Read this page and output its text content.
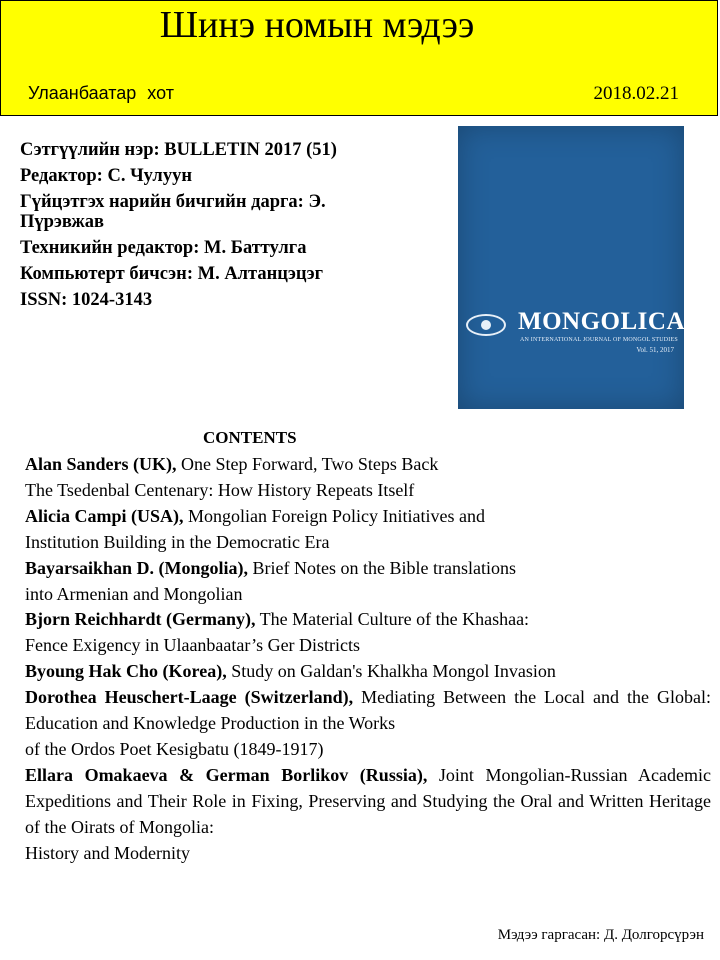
Шинэ номын мэдээ
Улаанбаатар хот	2018.02.21
Сэтгүүлийн нэр: BULLETIN 2017 (51)
Редактор: С. Чулуун
Гүйцэтгэх нарийн бичгийн дарга: Э. Пүрэвжав
Техникийн редактор: М. Баттулга
Компьютерт бичсэн: М. Алтанцэцэг
ISSN: 1024-3143
MONGOLICA
AN INTERNATIONAL JOURNAL OF MONGOL STUDIES
Vol. 51, 2017
CONTENTS
Alan Sanders (UK), One Step Forward, Two Steps Back
The Tsedenbal Centenary: How History Repeats Itself
Alicia Campi (USA), Mongolian Foreign Policy Initiatives and
Institution Building in the Democratic Era
Bayarsaikhan D. (Mongolia), Brief Notes on the Bible translations
into Armenian and Mongolian
Bjorn Reichhardt (Germany), The Material Culture of the Khashaa:
Fence Exigency in Ulaanbaatar’s Ger Districts
Byoung Hak Cho (Korea), Study on Galdan's Khalkha Mongol Invasion
Dorothea Heuschert-Laage (Switzerland), Mediating Between the Local and the Global: Education and Knowledge Production in the Works
of the Ordos Poet Kesigbatu (1849-1917)
Ellara Omakaeva & German Borlikov (Russia), Joint Mongolian-Russian Academic Expeditions and Their Role in Fixing, Preserving and Studying the Oral and Written Heritage of the Oirats of Mongolia:
History and Modernity
Мэдээ гаргасан: Д. Долгорсүрэн
